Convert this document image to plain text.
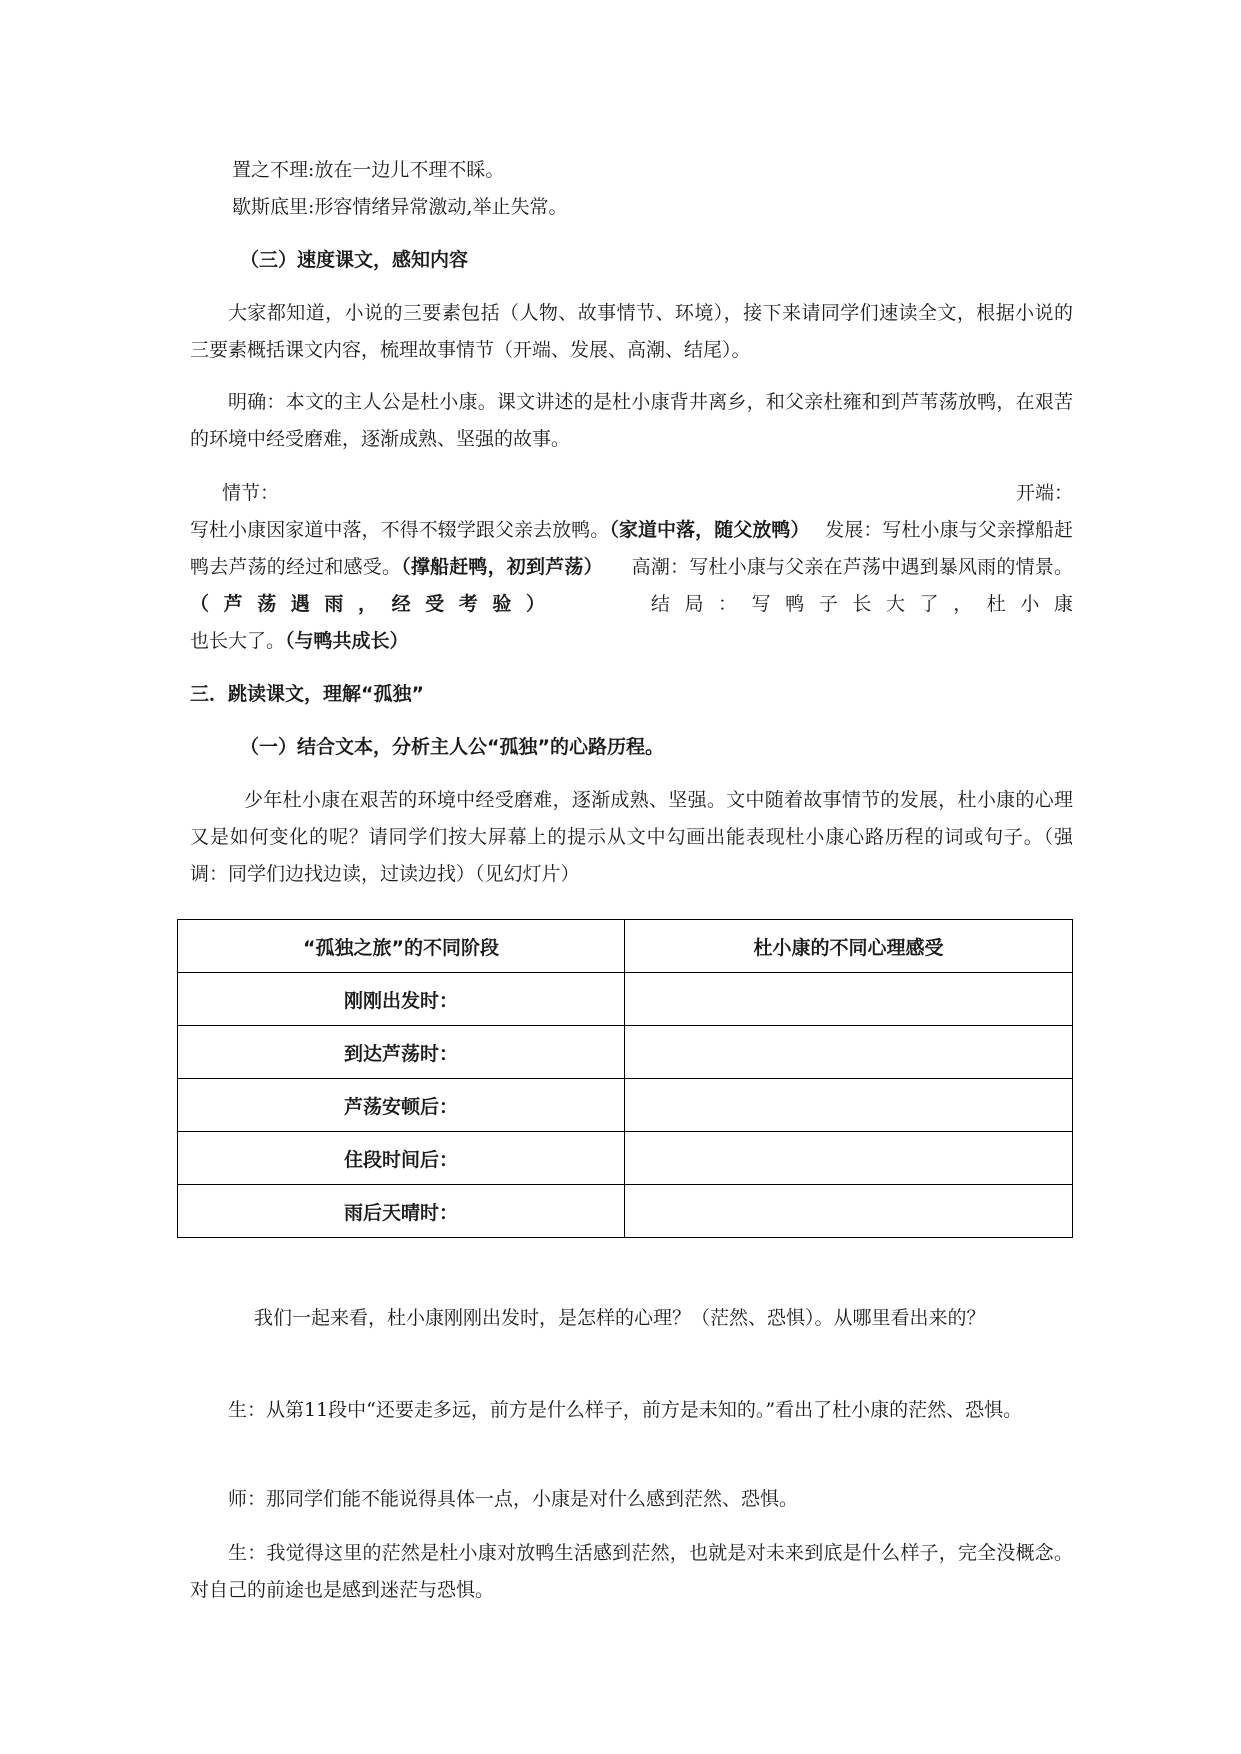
置之不理:放在一边儿不理不睬。
歇斯底里:形容情绪异常激动,举止失常。
（三）速度课文，感知内容
大家都知道，小说的三要素包括（人物、故事情节、环境），接下来请同学们速读全文，根据小说的三要素概括课文内容，梳理故事情节（开端、发展、高潮、结尾）。
明确：本文的主人公是杜小康。课文讲述的是杜小康背井离乡，和父亲杜雍和到芦苇荡放鸭，在艰苦的环境中经受磨难，逐渐成熟、坚强的故事。
情节：	开端：
写杜小康因家道中落，不得不辍学跟父亲去放鸭。（家道中落，随父放鸭）　 发展：写杜小康与父亲撑船赶鸭去芦荡的经过和感受。（撑船赶鸭，初到芦荡）　　 高潮：写杜小康与父亲在芦荡中遇到暴风雨的情景。（芦荡遇雨，经受考验）　　　	结局：写鸭子长大了，杜小康
也长大了。（与鸭共成长）
三．跳读课文，理解“孤独”
（一）结合文本，分析主人公“孤独”的心路历程。
少年杜小康在艰苦的环境中经受磨难，逐渐成熟、坚强。文中随着故事情节的发展，杜小康的心理又是如何变化的呢？请同学们按大屏幕上的提示从文中勾画出能表现杜小康心路历程的词或句子。（强调：同学们边找边读，过读边找）（见幻灯片）
“孤独之旅”的不同阶段	杜小康的不同心理感受
刚刚出发时：	
到达芦荡时：	
芦荡安顿后：	
住段时间后：	
雨后天晴时：	
我们一起来看，杜小康刚刚出发时，是怎样的心理？（茫然、恐惧）。从哪里看出来的？
生：从第11段中“还要走多远，前方是什么样子，前方是未知的。”看出了杜小康的茫然、恐惧。
师：那同学们能不能说得具体一点，小康是对什么感到茫然、恐惧。
生：我觉得这里的茫然是杜小康对放鸭生活感到茫然，也就是对未来到底是什么样子，完全没概念。对自己的前途也是感到迷茫与恐惧。
